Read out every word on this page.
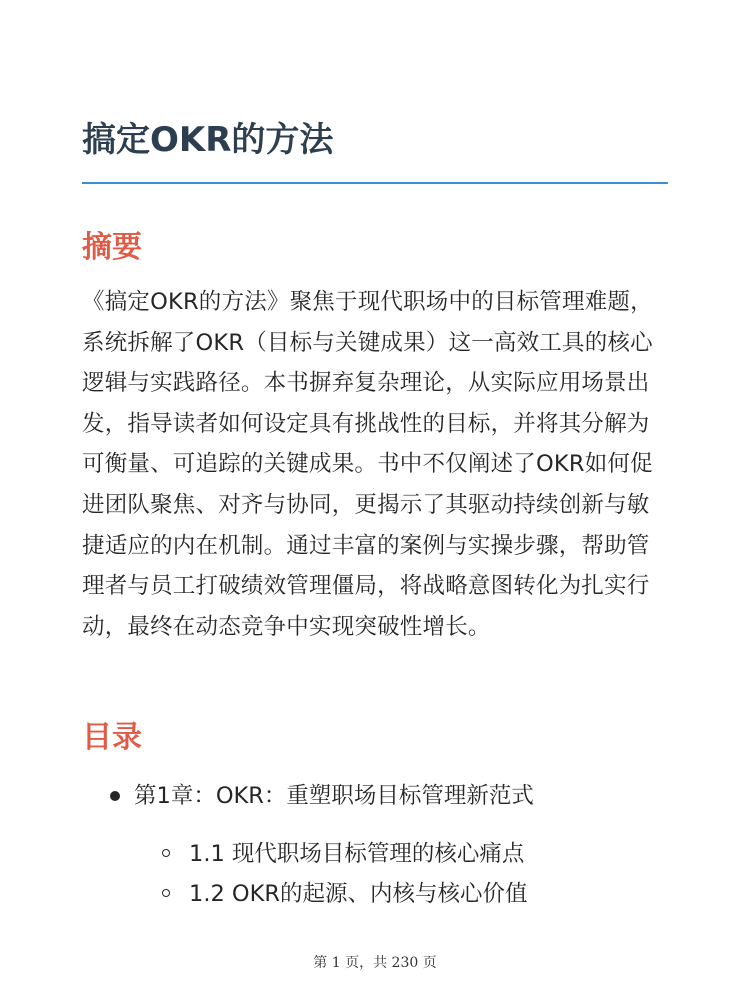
搞定OKR的方法
摘要

《搞定OKR的方法》聚焦于现代职场中的目标管理难题，系统拆解了OKR（目标与关键成果）这一高效工具的核心逻辑与实践路径。本书摒弃复杂理论，从实际应用场景出发，指导读者如何设定具有挑战性的目标，并将其分解为可衡量、可追踪的关键成果。书中不仅阐述了OKR如何促进团队聚焦、对齐与协同，更揭示了其驱动持续创新与敏捷适应的内在机制。通过丰富的案例与实操步骤，帮助管理者与员工打破绩效管理僵局，将战略意图转化为扎实行动，最终在动态竞争中实现突破性增长。

目录
第1章：OKR：重塑职场目标管理新范式
1.1 现代职场目标管理的核心痛点
1.2 OKR的起源、内核与核心价值
第 1 页，共 230 页
